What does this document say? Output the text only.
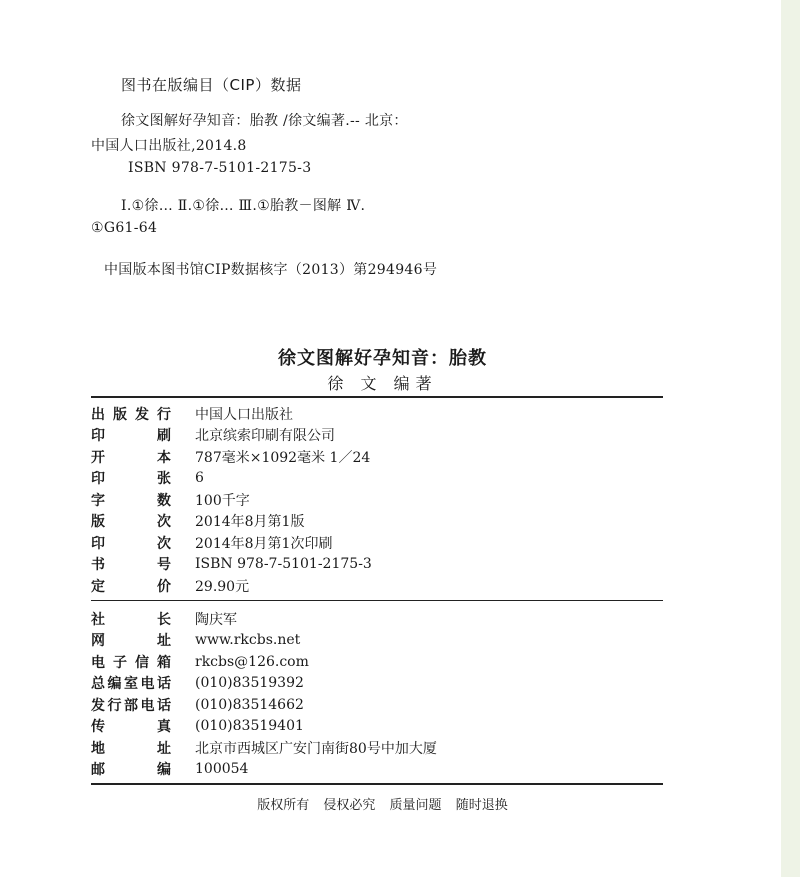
图书在版编目（CIP）数据
徐文图解好孕知音：胎教 /徐文编著.-- 北京：
中国人口出版社,2014.8
ISBN 978-7-5101-2175-3
Ⅰ.①徐… Ⅱ.①徐… Ⅲ.①胎教－图解 Ⅳ.
①G61-64
中国版本图书馆CIP数据核字（2013）第294946号
徐文图解好孕知音：胎教
徐 文 编著
出版发行	中国人口出版社

印刷	北京缤索印刷有限公司

开本	787毫米×1092毫米 1／24

印张	6

字数	100千字

版次	2014年8月第1版

印次	2014年8月第1次印刷

书号	ISBN 978-7-5101-2175-3

定价	29.90元
社长	陶庆军

网址	www.rkcbs.net

电子信箱	rkcbs@126.com

总编室电话	(010)83519392

发行部电话	(010)83514662

传真	(010)83519401

地址	北京市西城区广安门南街80号中加大厦

邮编	100054
版权所有 侵权必究 质量问题 随时退换
